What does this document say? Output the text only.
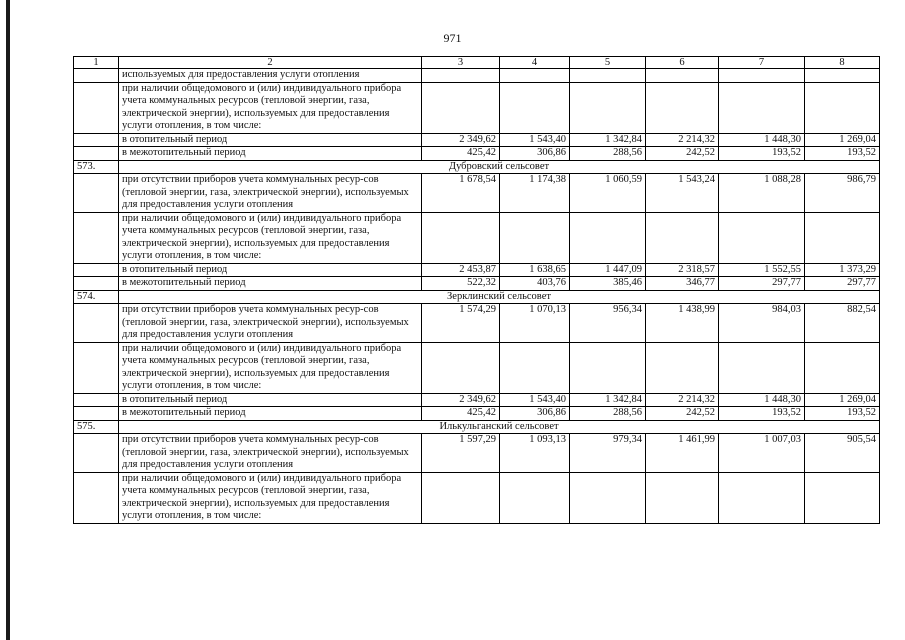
971
1	2	3	4	5	6	7	8
	используемых для предоставления услуги отопления						
	при наличии общедомового и (или) индивидуального прибора учета коммунальных ресурсов (тепловой энергии, газа, электрической энергии), используемых для предоставления услуги отопления, в том числе:						
	в отопительный период	2 349,62	1 543,40	1 342,84	2 214,32	1 448,30	1 269,04
	в межотопительный период	425,42	306,86	288,56	242,52	193,52	193,52
573.	Дубровский сельсовет						
	при отсутствии приборов учета коммунальных ресур-сов (тепловой энергии, газа, электрической энергии), используемых для предоставления услуги отопления	1 678,54	1 174,38	1 060,59	1 543,24	1 088,28	986,79
	при наличии общедомового и (или) индивидуального прибора учета коммунальных ресурсов (тепловой энергии, газа, электрической энергии), используемых для предоставления услуги отопления, в том числе:						
	в отопительный период	2 453,87	1 638,65	1 447,09	2 318,57	1 552,55	1 373,29
	в межотопительный период	522,32	403,76	385,46	346,77	297,77	297,77
574.	Зерклинский сельсовет						
	при отсутствии приборов учета коммунальных ресур-сов (тепловой энергии, газа, электрической энергии), используемых для предоставления услуги отопления	1 574,29	1 070,13	956,34	1 438,99	984,03	882,54
	при наличии общедомового и (или) индивидуального прибора учета коммунальных ресурсов (тепловой энергии, газа, электрической энергии), используемых для предоставления услуги отопления, в том числе:						
	в отопительный период	2 349,62	1 543,40	1 342,84	2 214,32	1 448,30	1 269,04
	в межотопительный период	425,42	306,86	288,56	242,52	193,52	193,52
575.	Илькульганский сельсовет						
	при отсутствии приборов учета коммунальных ресур-сов (тепловой энергии, газа, электрической энергии), используемых для предоставления услуги отопления	1 597,29	1 093,13	979,34	1 461,99	1 007,03	905,54
	при наличии общедомового и (или) индивидуального прибора учета коммунальных ресурсов (тепловой энергии, газа, электрической энергии), используемых для предоставления услуги отопления, в том числе:						
